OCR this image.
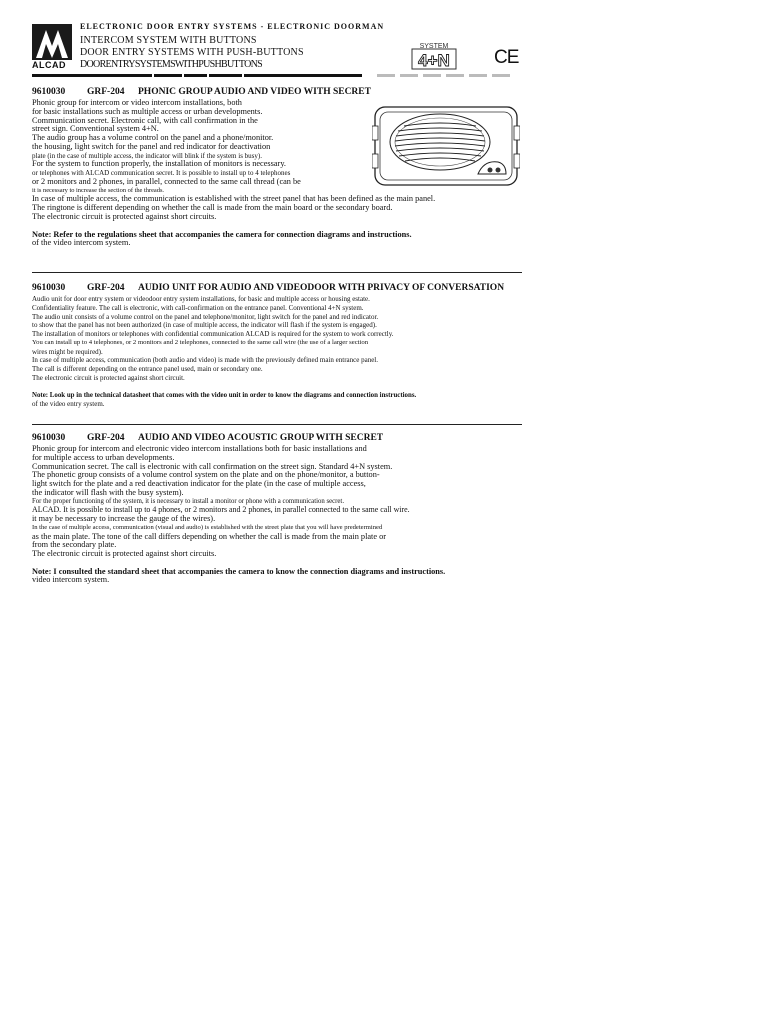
ELECTRONIC DOOR ENTRY SYSTEMS - ELECTRONIC DOORMAN
INTERCOM SYSTEM WITH BUTTONS
DOOR ENTRY SYSTEMS WITH PUSH-BUTTONS
DOORENTRYSYSTEMSWITHPUSHBUTTONS
ALCAD
SYSTEM
4+N CE
9610030 GRF-204 PHONIC GROUP AUDIO AND VIDEO WITH SECRET
Phonic group for intercom or video intercom installations, both
for basic installations such as multiple access or urban developments.
Communication secret. Electronic call, with call confirmation in the
street sign. Conventional system 4+N.
The audio group has a volume control on the panel and a phone/monitor.
the housing, light switch for the panel and red indicator for deactivation
plate (in the case of multiple access, the indicator will blink if the system is busy).
For the system to function properly, the installation of monitors is necessary.
or telephones with ALCAD communication secret. It is possible to install up to 4 telephones
or 2 monitors and 2 phones, in parallel, connected to the same call thread (can be
it is necessary to increase the section of the threads.
In case of multiple access, the communication is established with the street panel that has been defined as the main panel.
The ringtone is different depending on whether the call is made from the main board or the secondary board.
The electronic circuit is protected against short circuits.
Note: Refer to the regulations sheet that accompanies the camera for connection diagrams and instructions.
of the video intercom system.
9610030 GRF-204 AUDIO UNIT FOR AUDIO AND VIDEODOOR WITH PRIVACY OF CONVERSATION
Audio unit for door entry system or videodoor entry system installations, for basic and multiple access or housing estate.
Confidentiality feature. The call is electronic, with call-confirmation on the entrance panel. Conventional 4+N system.
The audio unit consists of a volume control on the panel and telephone/monitor, light switch for the panel and red indicator.
to show that the panel has not been authorized (in case of multiple access, the indicator will flash if the system is engaged).
The installation of monitors or telephones with confidential communication ALCAD is required for the system to work correctly.
You can install up to 4 telephones, or 2 monitors and 2 telephones, connected to the same call wire (the use of a larger section
wires might be required).
In case of multiple access, communication (both audio and video) is made with the previously defined main entrance panel.
The call is different depending on the entrance panel used, main or secondary one.
The electronic circuit is protected against short circuit.
Note: Look up in the technical datasheet that comes with the video unit in order to know the diagrams and connection instructions.
of the video entry system.
9610030 GRF-204 AUDIO AND VIDEO ACOUSTIC GROUP WITH SECRET
Phonic group for intercom and electronic video intercom installations both for basic installations and
for multiple access to urban developments.
Communication secret. The call is electronic with call confirmation on the street sign. Standard 4+N system.
The phonetic group consists of a volume control system on the plate and on the phone/monitor, a button-
light switch for the plate and a red deactivation indicator for the plate (in the case of multiple access,
the indicator will flash with the busy system).
For the proper functioning of the system, it is necessary to install a monitor or phone with a communication secret.
ALCAD. It is possible to install up to 4 phones, or 2 monitors and 2 phones, in parallel connected to the same call wire.
it may be necessary to increase the gauge of the wires).
In the case of multiple access, communication (visual and audio) is established with the street plate that you will have predetermined
as the main plate. The tone of the call differs depending on whether the call is made from the main plate or
from the secondary plate.
The electronic circuit is protected against short circuits.
Note: I consulted the standard sheet that accompanies the camera to know the connection diagrams and instructions.
video intercom system.
